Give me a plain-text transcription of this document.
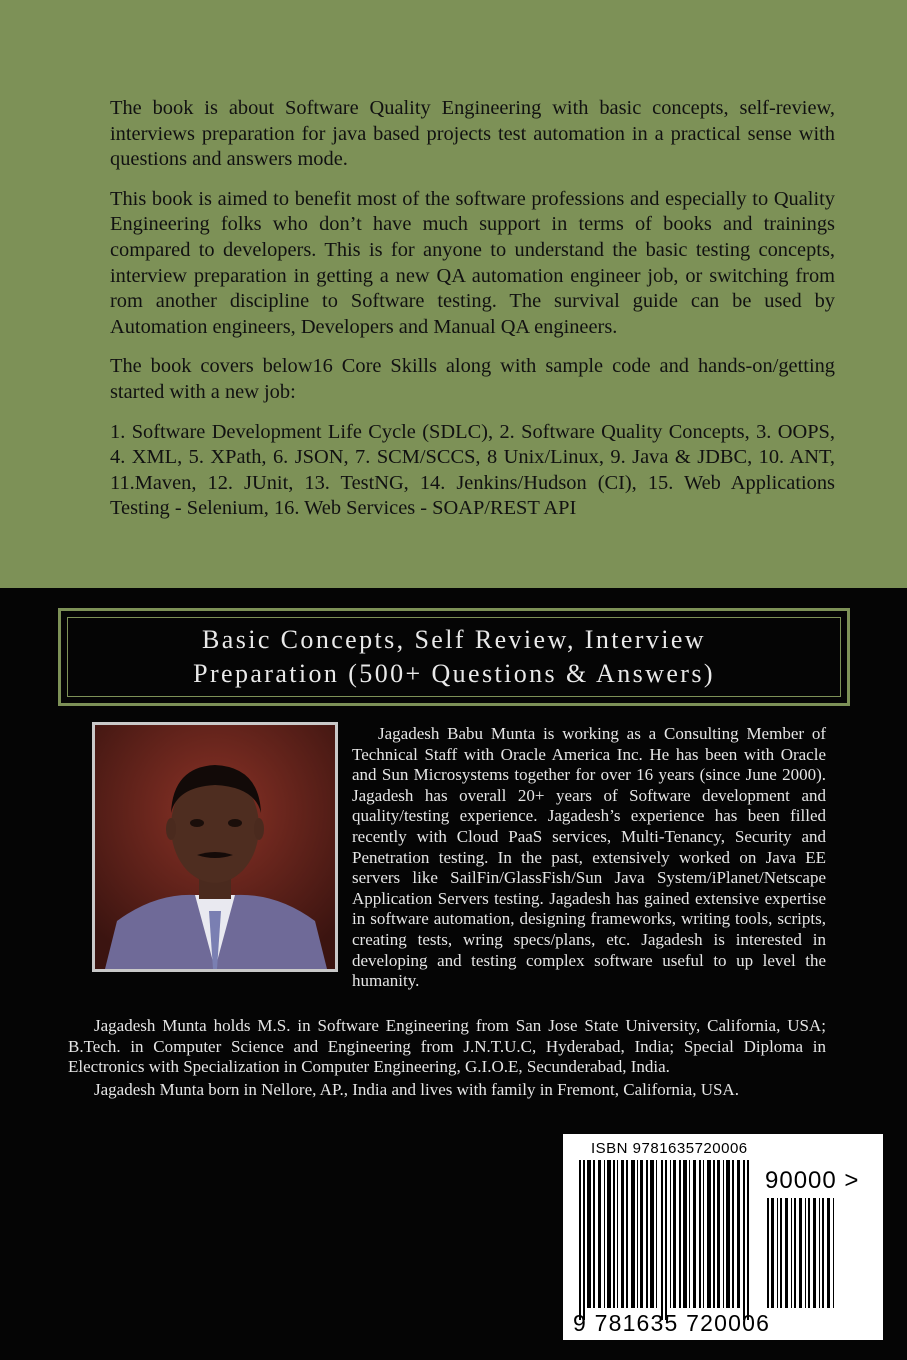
The book is about Software Quality Engineering with basic concepts, self-review, interviews preparation for java based projects test automation in a practical sense with questions and answers mode.

This book is aimed to benefit most of the software professions and especially to Quality Engineering folks who don’t have much support in terms of books and trainings compared to developers. This is for anyone to understand the basic testing concepts, interview preparation in getting a new QA automation engineer job, or switching from rom another discipline to Software testing. The survival guide can be used by Automation engineers, Developers and Manual QA engineers.

The book covers below16 Core Skills along with sample code and hands-on/getting started with a new job:

1. Software Development Life Cycle (SDLC), 2. Software Quality Concepts, 3. OOPS, 4. XML, 5. XPath, 6. JSON, 7. SCM/SCCS, 8 Unix/Linux, 9. Java & JDBC, 10. ANT, 11.Maven, 12. JUnit, 13. TestNG, 14. Jenkins/Hudson (CI), 15. Web Applications Testing - Selenium, 16. Web Services - SOAP/REST API

Basic Concepts, Self Review, Interview
Preparation (500+ Questions & Answers)

Jagadesh Babu Munta is working as a Consulting Member of Technical Staff with Oracle America Inc. He has been with Oracle and Sun Microsystems together for over 16 years (since June 2000). Jagadesh has overall 20+ years of Software development and quality/testing experience. Jagadesh’s experience has been filled recently with Cloud PaaS services, Multi-Tenancy, Security and Penetration testing. In the past, extensively worked on Java EE servers like SailFin/GlassFish/Sun Java System/iPlanet/Netscape Application Servers testing. Jagadesh has gained extensive expertise in software automation, designing frameworks, writing tools, scripts, creating tests, wring specs/plans, etc. Jagadesh is interested in developing and testing complex software useful to up level the humanity.

Jagadesh Munta holds M.S. in Software Engineering from San Jose State University, California, USA; B.Tech. in Computer Science and Engineering from J.N.T.U.C, Hyderabad, India; Special Diploma in Electronics with Specialization in Computer Engineering, G.I.O.E, Secunderabad, India.

Jagadesh Munta born in Nellore, AP., India and lives with family in Fremont, California, USA.

ISBN 9781635720006
90000 >
9 781635 720006
